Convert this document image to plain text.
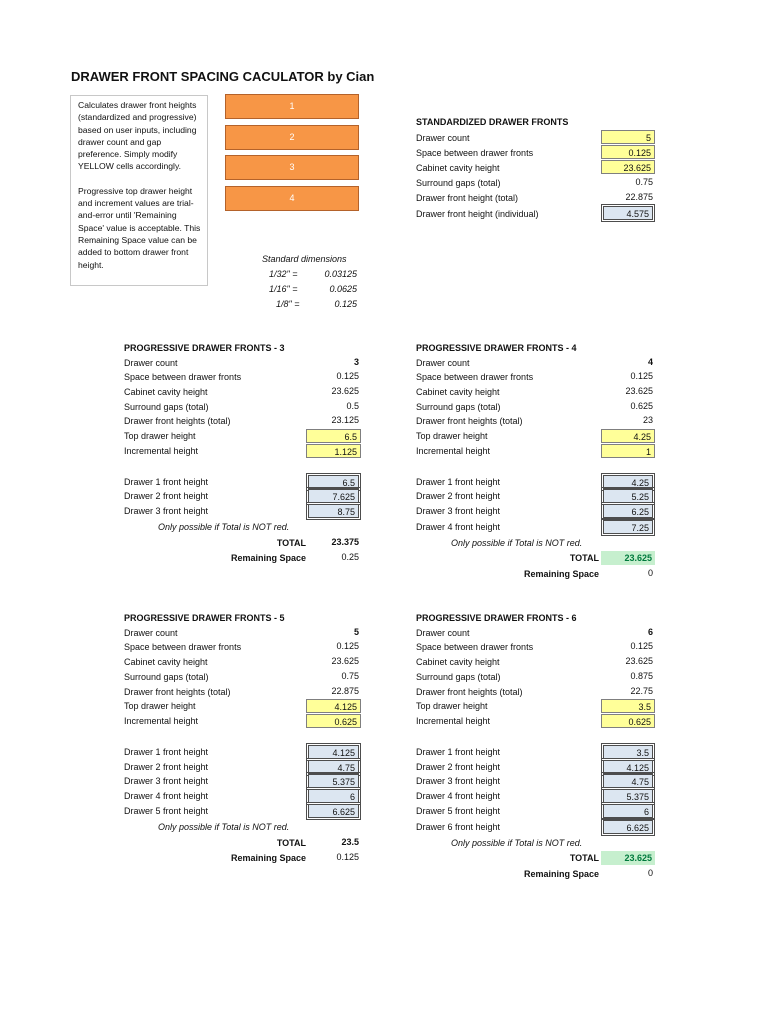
DRAWER FRONT SPACING CACULATOR by Cian

Calculates drawer front heights (standardized and progressive) based on user inputs, including drawer count and gap preference. Simply modify YELLOW cells accordingly.

Progressive top drawer height and increment values are trial-and-error until 'Remaining Space' value is acceptable. This Remaining Space value can be added to bottom drawer front height.

1
2
3
4
Standard dimensions
1/32" =	0.03125
1/16" =	0.0625
1/8" =	0.125
STANDARDIZED DRAWER FRONTS
Drawer count	5
Space between drawer fronts	0.125
Cabinet cavity height	23.625
Surround gaps (total)	0.75
Drawer front height (total)	22.875
Drawer front height (individual)	4.575
PROGRESSIVE DRAWER FRONTS - 3
Drawer count	3
Space between drawer fronts	0.125
Cabinet cavity height	23.625
Surround gaps (total)	0.5
Drawer front heights (total)	23.125
Top drawer height	6.5
Incremental height	1.125
Drawer 1 front height	6.5
Drawer 2 front height	7.625
Drawer 3 front height	8.75
Only possible if Total is NOT red.
TOTAL	23.375
Remaining Space	0.25
PROGRESSIVE DRAWER FRONTS - 4
Drawer count	4
Space between drawer fronts	0.125
Cabinet cavity height	23.625
Surround gaps (total)	0.625
Drawer front heights (total)	23
Top drawer height	4.25
Incremental height	1
Drawer 1 front height	4.25
Drawer 2 front height	5.25
Drawer 3 front height	6.25
Drawer 4 front height	7.25
Only possible if Total is NOT red.
TOTAL	23.625
Remaining Space	0
PROGRESSIVE DRAWER FRONTS - 5
Drawer count	5
Space between drawer fronts	0.125
Cabinet cavity height	23.625
Surround gaps (total)	0.75
Drawer front heights (total)	22.875
Top drawer height	4.125
Incremental height	0.625
Drawer 1 front height	4.125
Drawer 2 front height	4.75
Drawer 3 front height	5.375
Drawer 4 front height	6
Drawer 5 front height	6.625
Only possible if Total is NOT red.
TOTAL	23.5
Remaining Space	0.125
PROGRESSIVE DRAWER FRONTS - 6
Drawer count	6
Space between drawer fronts	0.125
Cabinet cavity height	23.625
Surround gaps (total)	0.875
Drawer front heights (total)	22.75
Top drawer height	3.5
Incremental height	0.625
Drawer 1 front height	3.5
Drawer 2 front height	4.125
Drawer 3 front height	4.75
Drawer 4 front height	5.375
Drawer 5 front height	6
Drawer 6 front height	6.625
Only possible if Total is NOT red.
TOTAL	23.625
Remaining Space	0
